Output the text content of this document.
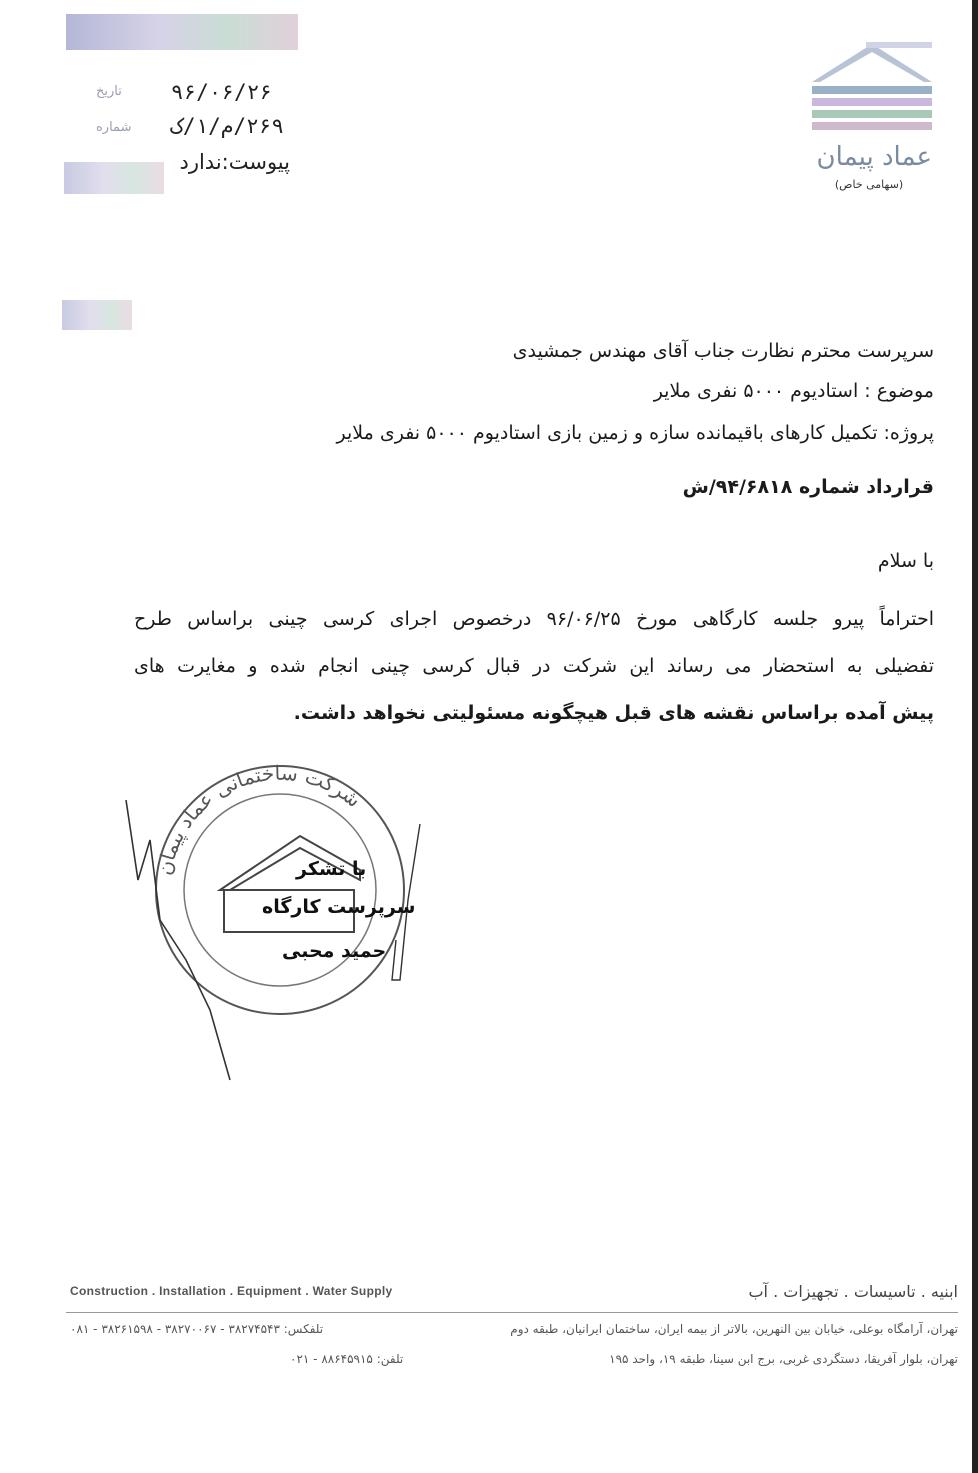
تاریخ ۹۶/۰۶/۲۶
شماره ۲۶۹/م/۱/ک
پیوست:ندارد	عماد پیمان
(سهامی خاص)
سرپرست محترم نظارت جناب آقای مهندس جمشیدی
موضوع : استادیوم ۵۰۰۰ نفری ملایر
پروژه: تکمیل کارهای باقیمانده سازه و زمین بازی استادیوم ۵۰۰۰ نفری ملایر
قرارداد شماره ۹۴/۶۸۱۸/ش
با سلام
احتراماً پیرو جلسه کارگاهی مورخ ۹۶/۰۶/۲۵ درخصوص اجرای کرسی چینی براساس طرح
تفضیلی به استحضار می رساند این شرکت در قبال کرسی چینی انجام شده و مغایرت های
پیش آمده براساس نقشه های قبل هیچگونه مسئولیتی نخواهد داشت.
شرکت ساختمانی عماد پیمان
با تشکر
سرپرست کارگاه
حمید محبی
Construction . Installation . Equipment . Water Supply	ابنیه . تاسیسات . تجهیزات . آب
تهران، آرامگاه بوعلی، خیابان بین النهرین، بالاتر از بیمه ایران، ساختمان ایرانیان، طبقه دوم
تلفکس: ۳۸۲۷۴۵۴۳ - ۳۸۲۷۰۰۶۷ - ۳۸۲۶۱۵۹۸ - ۰۸۱
تهران، بلوار آفریقا، دستگردی غربی، برج ابن سینا، طبقه ۱۹، واحد ۱۹۵
تلفن: ۸۸۶۴۵۹۱۵ - ۰۲۱
